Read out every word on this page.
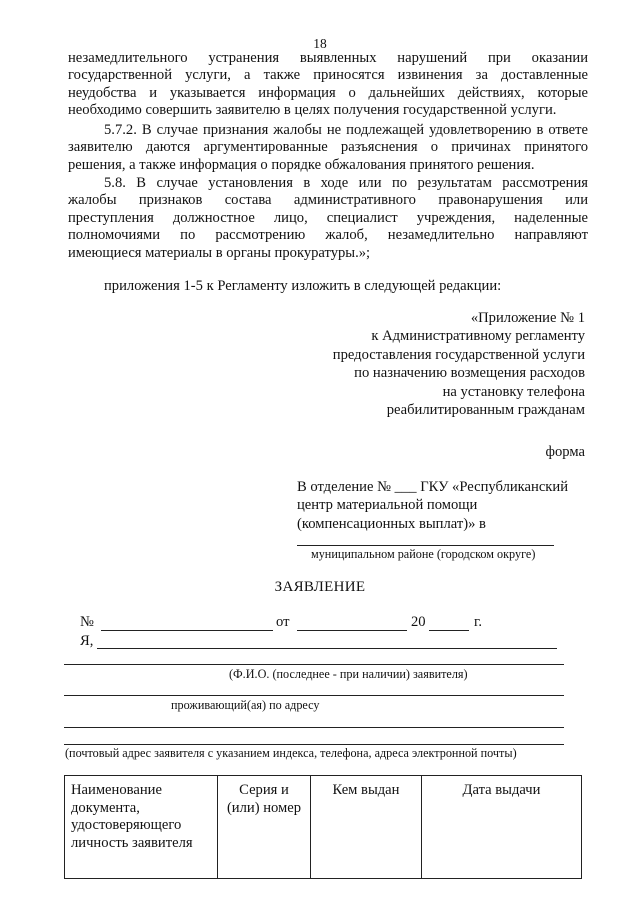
18
незамедлительного устранения выявленных нарушений при оказании
государственной услуги, а также приносятся извинения за доставленные
неудобства и указывается информация о дальнейших действиях, которые
необходимо совершить заявителю в целях получения государственной услуги.
5.7.2. В случае признания жалобы не подлежащей удовлетворению в ответе
заявителю даются аргументированные разъяснения о причинах принятого
решения, а также информация о порядке обжалования принятого решения.
5.8. В случае установления в ходе или по результатам рассмотрения
жалобы признаков состава административного правонарушения или
преступления должностное лицо, специалист учреждения, наделенные
полномочиями по рассмотрению жалоб, незамедлительно направляют
имеющиеся материалы в органы прокуратуры.»;
приложения 1-5 к Регламенту изложить в следующей редакции:
«Приложение № 1
к Административному регламенту
предоставления государственной услуги
по назначению возмещения расходов
на установку телефона
реабилитированным гражданам
форма
В отделение № ___ ГКУ «Республиканский
центр материальной помощи
(компенсационных выплат)» в
муниципальном районе (городском округе)
ЗАЯВЛЕНИЕ
№	от	20	г.
Я,
(Ф.И.О. (последнее - при наличии) заявителя)
проживающий(ая) по адресу
(почтовый адрес заявителя с указанием индекса, телефона, адреса электронной почты)
Наименование документа, удостоверяющего личность заявителя	Серия и (или) номер	Кем выдан	Дата выдачи
